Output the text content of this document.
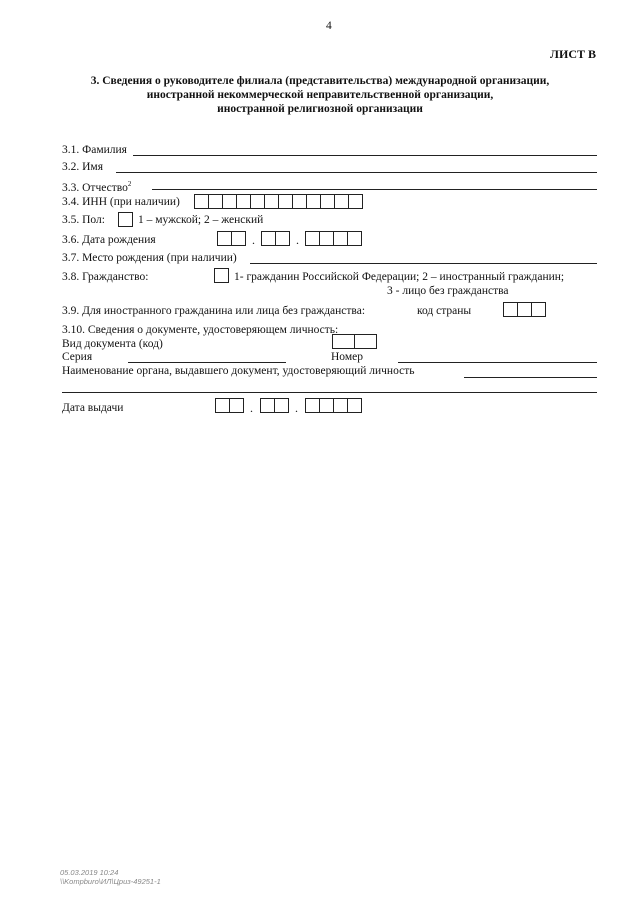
4
ЛИСТ В
3. Сведения о руководителе филиала (представительства) международной организации,
иностранной некоммерческой неправительственной организации,
иностранной религиозной организации
3.1. Фамилия
3.2. Имя
3.3. Отчество$^2$
3.4. ИНН (при наличии)
3.5. Пол:	1 – мужской; 2 – женский
3.6. Дата рождения	.	.
3.7. Место рождения (при наличии)
3.8. Гражданство:	1- гражданин Российской Федерации; 2 – иностранный гражданин;
3 - лицо без гражданства
3.9. Для иностранного гражданина или лица без гражданства:	код страны
3.10. Сведения о документе, удостоверяющем личность:
Вид документа (код)
Серия	Номер
Наименование органа, выдавшего документ, удостоверяющий личность
Дата выдачи	.	.
05.03.2019 10:24
\\Kompburo\ИЛ\Цриз-49251-1
